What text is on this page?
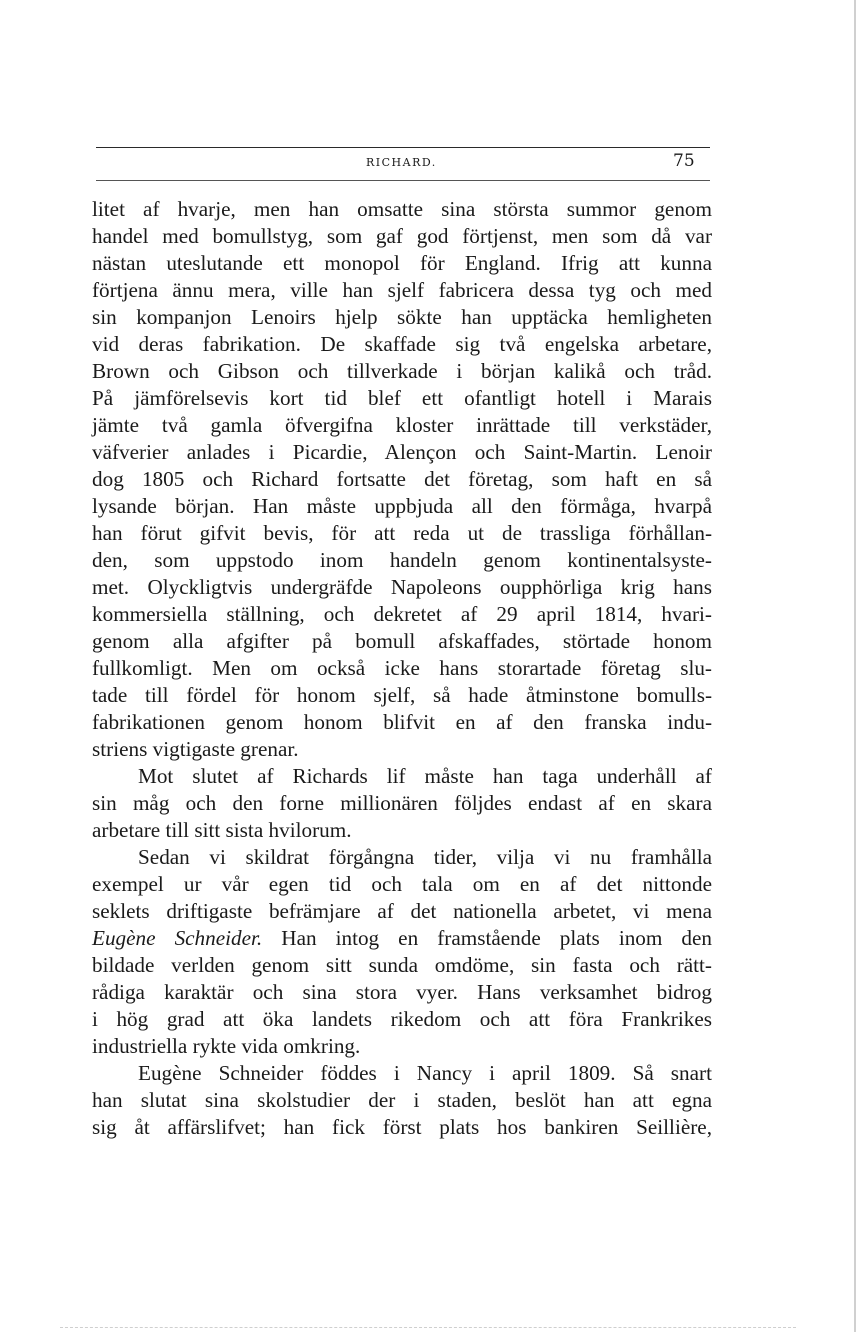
RICHARD.	75
litet af hvarje, men han omsatte sina största summor genom
handel med bomullstyg, som gaf god förtjenst, men som då var
nästan uteslutande ett monopol för England. Ifrig att kunna
förtjena ännu mera, ville han sjelf fabricera dessa tyg och med
sin kompanjon Lenoirs hjelp sökte han upptäcka hemligheten
vid deras fabrikation. De skaffade sig två engelska arbetare,
Brown och Gibson och tillverkade i början kalikå och tråd.
På jämförelsevis kort tid blef ett ofantligt hotell i Marais
jämte två gamla öfvergifna kloster inrättade till verkstäder,
väfverier anlades i Picardie, Alençon och Saint-Martin. Lenoir
dog 1805 och Richard fortsatte det företag, som haft en så
lysande början. Han måste uppbjuda all den förmåga, hvarpå
han förut gifvit bevis, för att reda ut de trassliga förhållan-
den, som uppstodo inom handeln genom kontinentalsyste-
met. Olyckligtvis undergräfde Napoleons oupphörliga krig hans
kommersiella ställning, och dekretet af 29 april 1814, hvari-
genom alla afgifter på bomull afskaffades, störtade honom
fullkomligt. Men om också icke hans storartade företag slu-
tade till fördel för honom sjelf, så hade åtminstone bomulls-
fabrikationen genom honom blifvit en af den franska indu-
striens vigtigaste grenar.
Mot slutet af Richards lif måste han taga underhåll af
sin måg och den forne millionären följdes endast af en skara
arbetare till sitt sista hvilorum.
Sedan vi skildrat förgångna tider, vilja vi nu framhålla
exempel ur vår egen tid och tala om en af det nittonde
seklets driftigaste befrämjare af det nationella arbetet, vi mena
Eugène Schneider. Han intog en framstående plats inom den
bildade verlden genom sitt sunda omdöme, sin fasta och rätt-
rådiga karaktär och sina stora vyer. Hans verksamhet bidrog
i hög grad att öka landets rikedom och att föra Frankrikes
industriella rykte vida omkring.
Eugène Schneider föddes i Nancy i april 1809. Så snart
han slutat sina skolstudier der i staden, beslöt han att egna
sig åt affärslifvet; han fick först plats hos bankiren Seillière,
